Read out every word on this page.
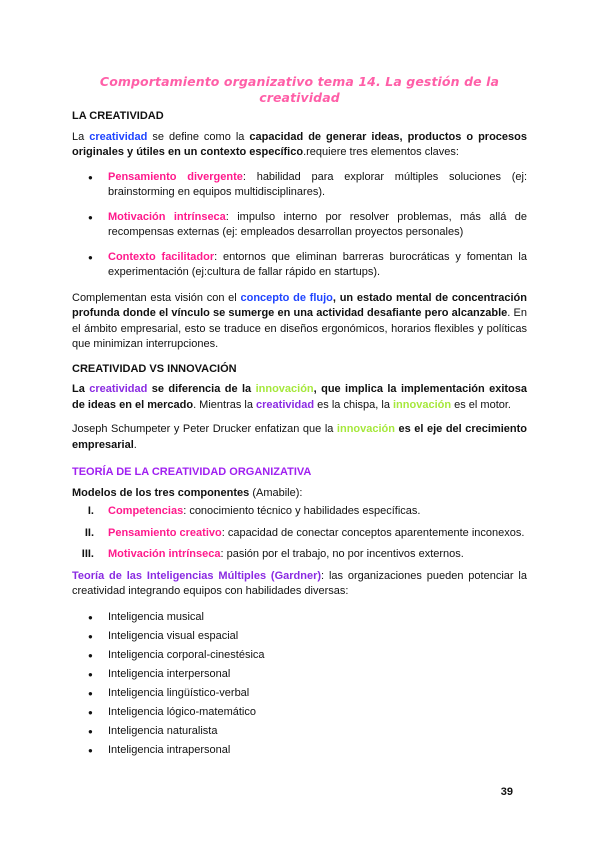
Comportamiento organizativo tema 14. La gestión de la creatividad
LA CREATIVIDAD

La creatividad se define como la capacidad de generar ideas, productos o procesos originales y útiles en un contexto específico.requiere tres elementos claves:

● Pensamiento divergente: habilidad para explorar múltiples soluciones (ej: brainstorming en equipos multidisciplinares).
● Motivación intrínseca: impulso interno por resolver problemas, más allá de recompensas externas (ej: empleados desarrollan proyectos personales)
● Contexto facilitador: entornos que eliminan barreras burocráticas y fomentan la experimentación (ej:cultura de fallar rápido en startups).

Complementan esta visión con el concepto de flujo, un estado mental de concentración profunda donde el vínculo se sumerge en una actividad desafiante pero alcanzable. En el ámbito empresarial, esto se traduce en diseños ergonómicos, horarios flexibles y políticas que minimizan interrupciones.

CREATIVIDAD VS INNOVACIÓN

La creatividad se diferencia de la innovación, que implica la implementación exitosa de ideas en el mercado. Mientras la creatividad es la chispa, la innovación es el motor.

Joseph Schumpeter y Peter Drucker enfatizan que la innovación es el eje del crecimiento empresarial.

TEORÍA DE LA CREATIVIDAD ORGANIZATIVA
Modelos de los tres componentes (Amabile):
I. Competencias: conocimiento técnico y habilidades específicas.
II. Pensamiento creativo: capacidad de conectar conceptos aparentemente inconexos.
III. Motivación intrínseca: pasión por el trabajo, no por incentivos externos.

Teoría de las Inteligencias Múltiples (Gardner): las organizaciones pueden potenciar la creatividad integrando equipos con habilidades diversas:

● Inteligencia musical
● Inteligencia visual espacial
● Inteligencia corporal-cinestésica
● Inteligencia interpersonal
● Inteligencia lingüístico-verbal
● Inteligencia lógico-matemático
● Inteligencia naturalista
● Inteligencia intrapersonal
39
